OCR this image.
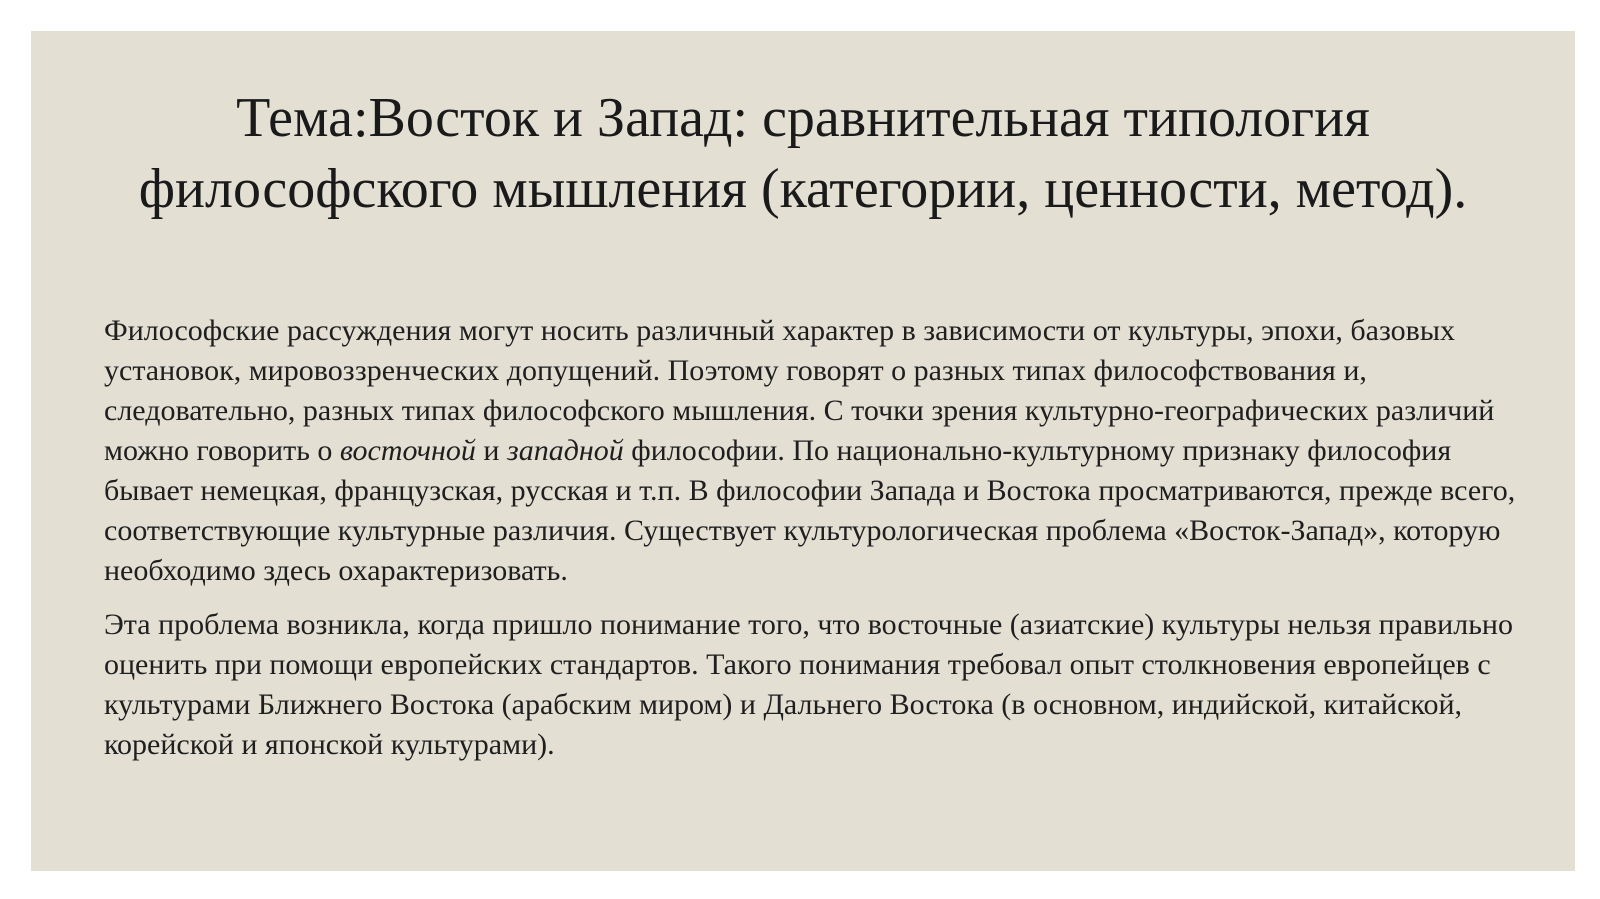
Тема:Восток и Запад: сравнительная типология философского мышления (категории, ценности, метод).

Философские рассуждения могут носить различный характер в зависимости от культуры, эпохи, базовых установок, мировоззренческих допущений. Поэтому говорят о разных типах философствования и, следовательно, разных типах философского мышления. С точки зрения культурно-географических различий можно говорить о восточной и западной философии. По национально-культурному признаку философия бывает немецкая, французская, русская и т.п. В философии Запада и Востока просматриваются, прежде всего, соответствующие культурные различия. Существует культурологическая проблема «Восток-Запад», которую необходимо здесь охарактеризовать.

Эта проблема возникла, когда пришло понимание того, что восточные (азиатские) культуры нельзя правильно оценить при помощи европейских стандартов. Такого понимания требовал опыт столкновения европейцев с культурами Ближнего Востока (арабским миром) и Дальнего Востока (в основном, индийской, китайской, корейской и японской культурами).
